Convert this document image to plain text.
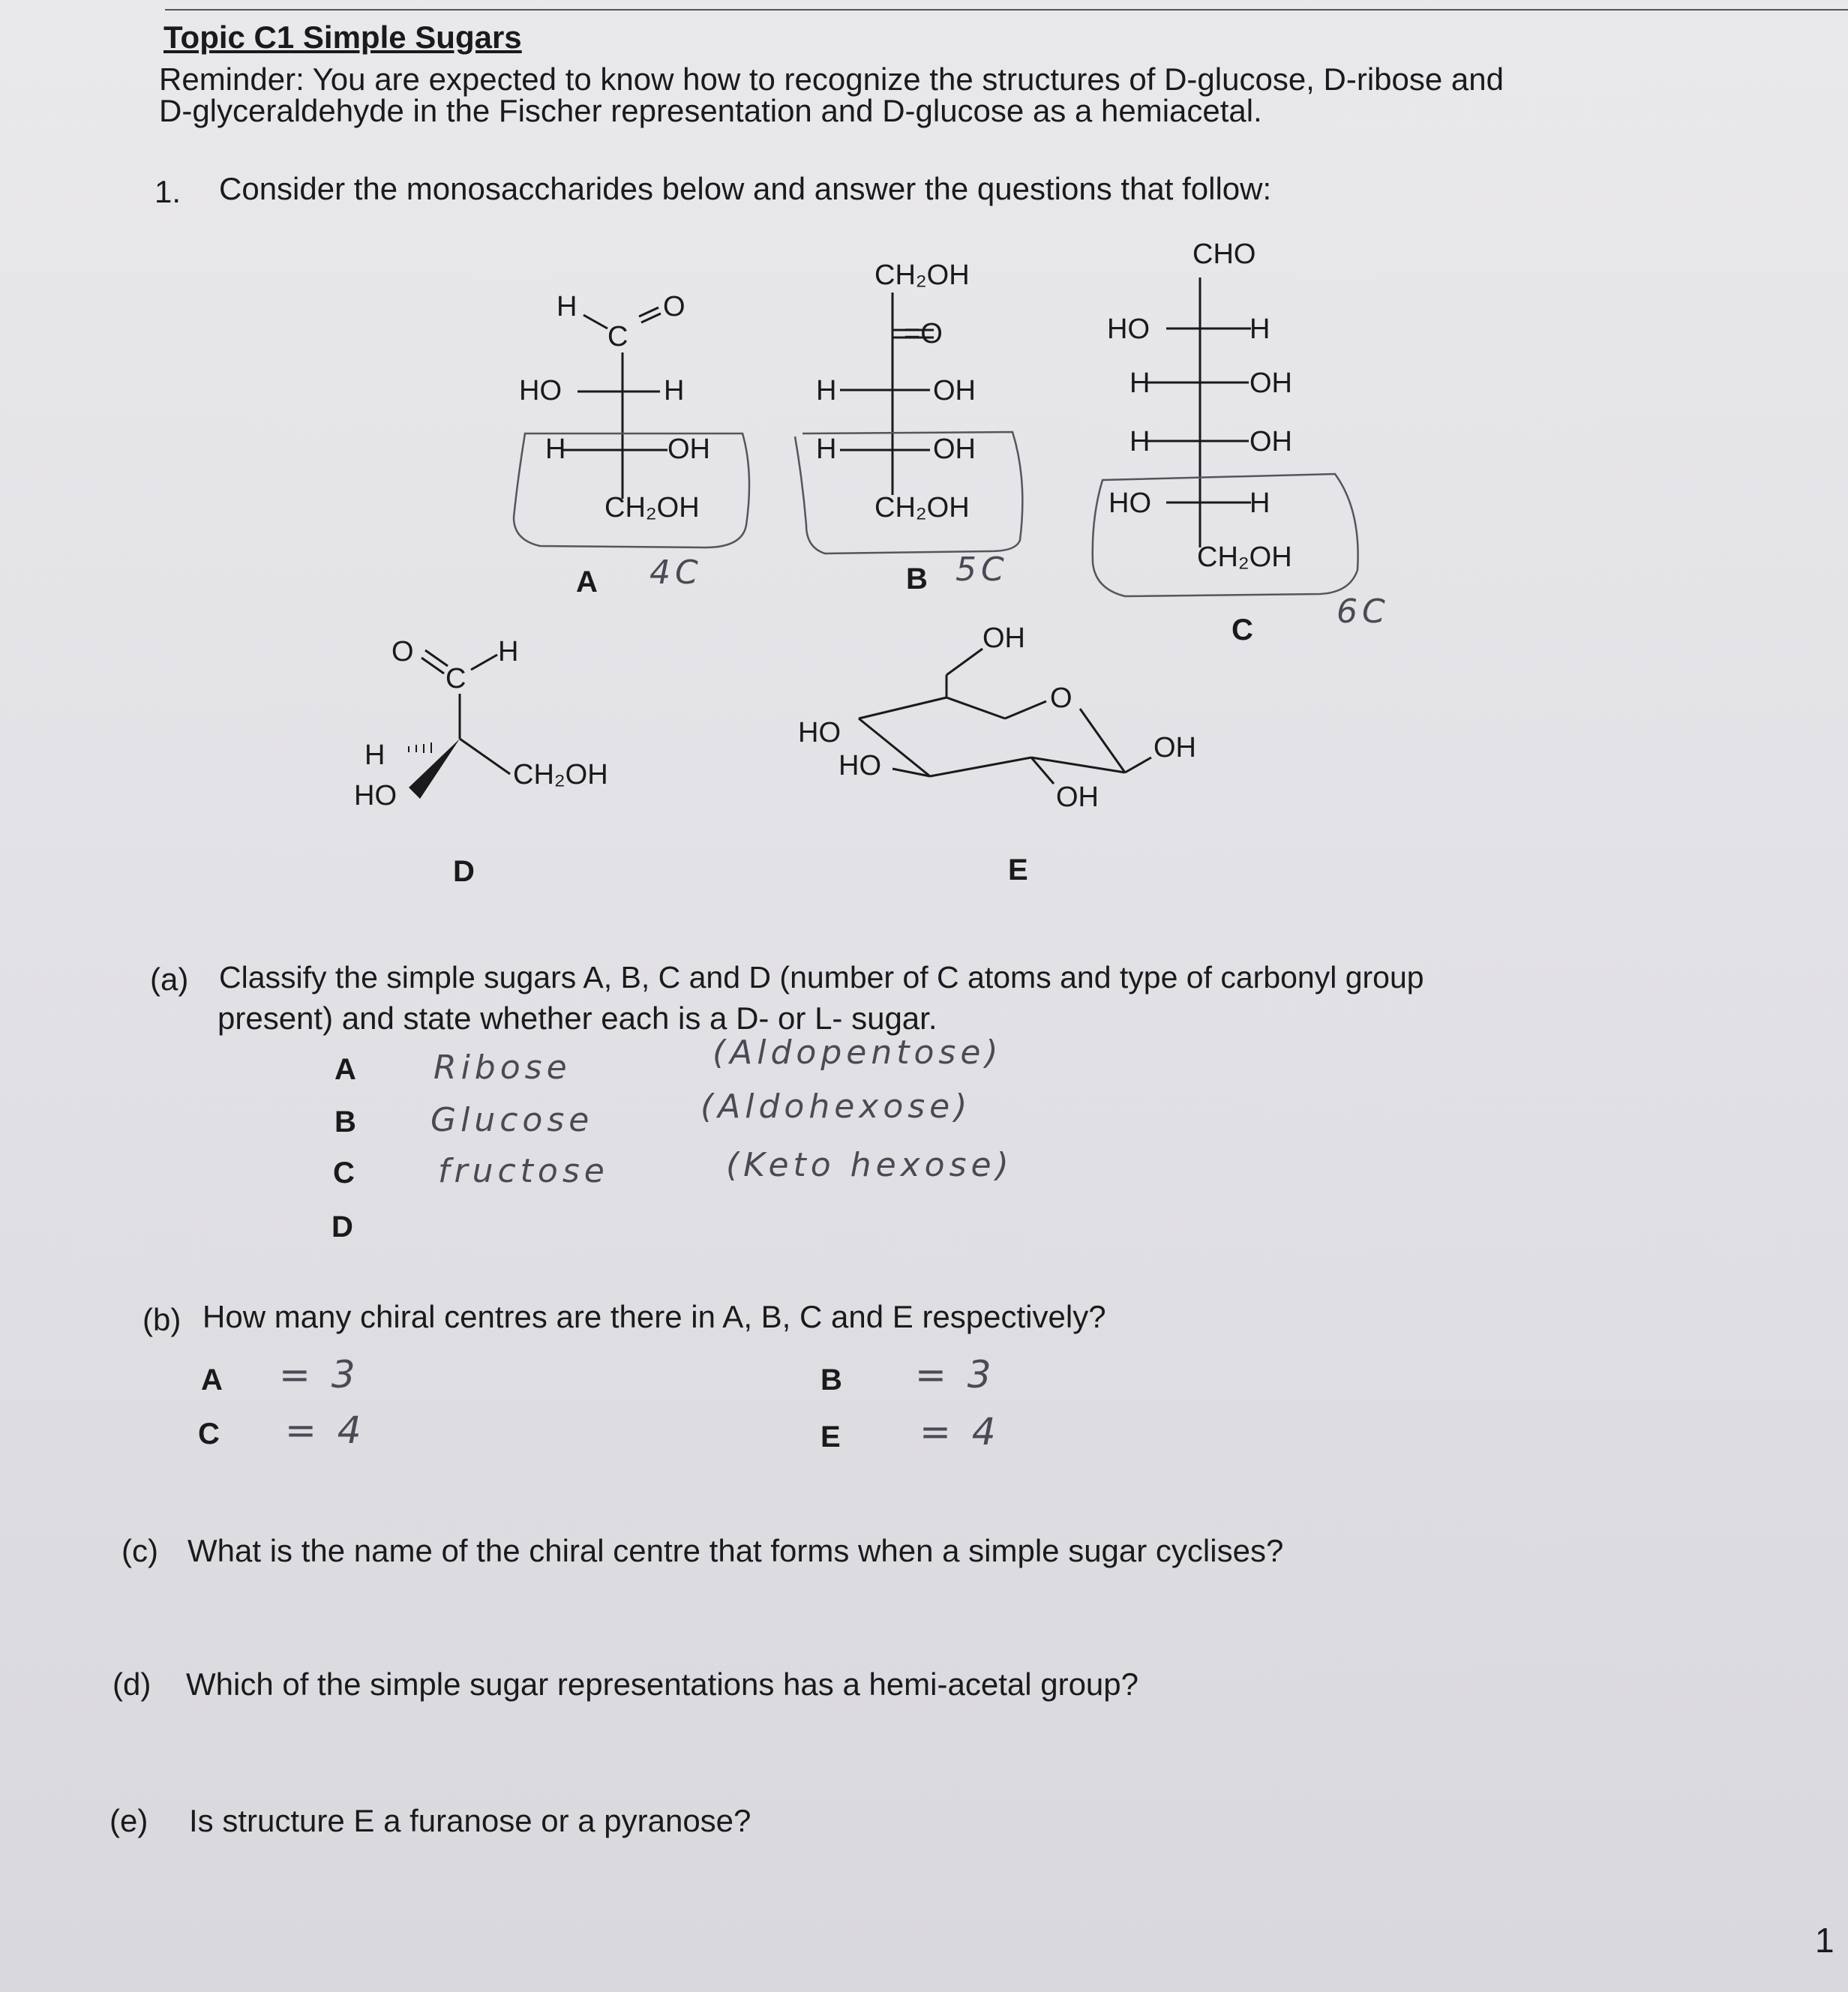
Topic C1 Simple Sugars
Reminder: You are expected to know how to recognize the structures of D-glucose, D-ribose and
D-glyceraldehyde in the Fischer representation and D-glucose as a hemiacetal.
1. Consider the monosaccharides below and answer the questions that follow:
H
C
O
HO	H
H	OH
CH₂OH
A 4C
CH₂OH
=O
H	OH
H	OH
CH₂OH
B 5C
CHO
HO	H
H	OH
H	OH
HO	H
CH₂OH
C	6C
O
C
H
H
HO
CH₂OH
D
OH
O
HO
HO
OH
OH
E
(a) Classify the simple sugars A, B, C and D (number of C atoms and type of carbonyl group
present) and state whether each is a D- or L- sugar.
A Ribose	(Aldopentose)
B Glucose	(Aldohexose)
C	fructose	(Keto hexose)
D
(b) How many chiral centres are there in A, B, C and E respectively?
A = 3	B = 3
C = 4	E = 4
(c) What is the name of the chiral centre that forms when a simple sugar cyclises?
(d) Which of the simple sugar representations has a hemi-acetal group?
(e) Is structure E a furanose or a pyranose?
1
